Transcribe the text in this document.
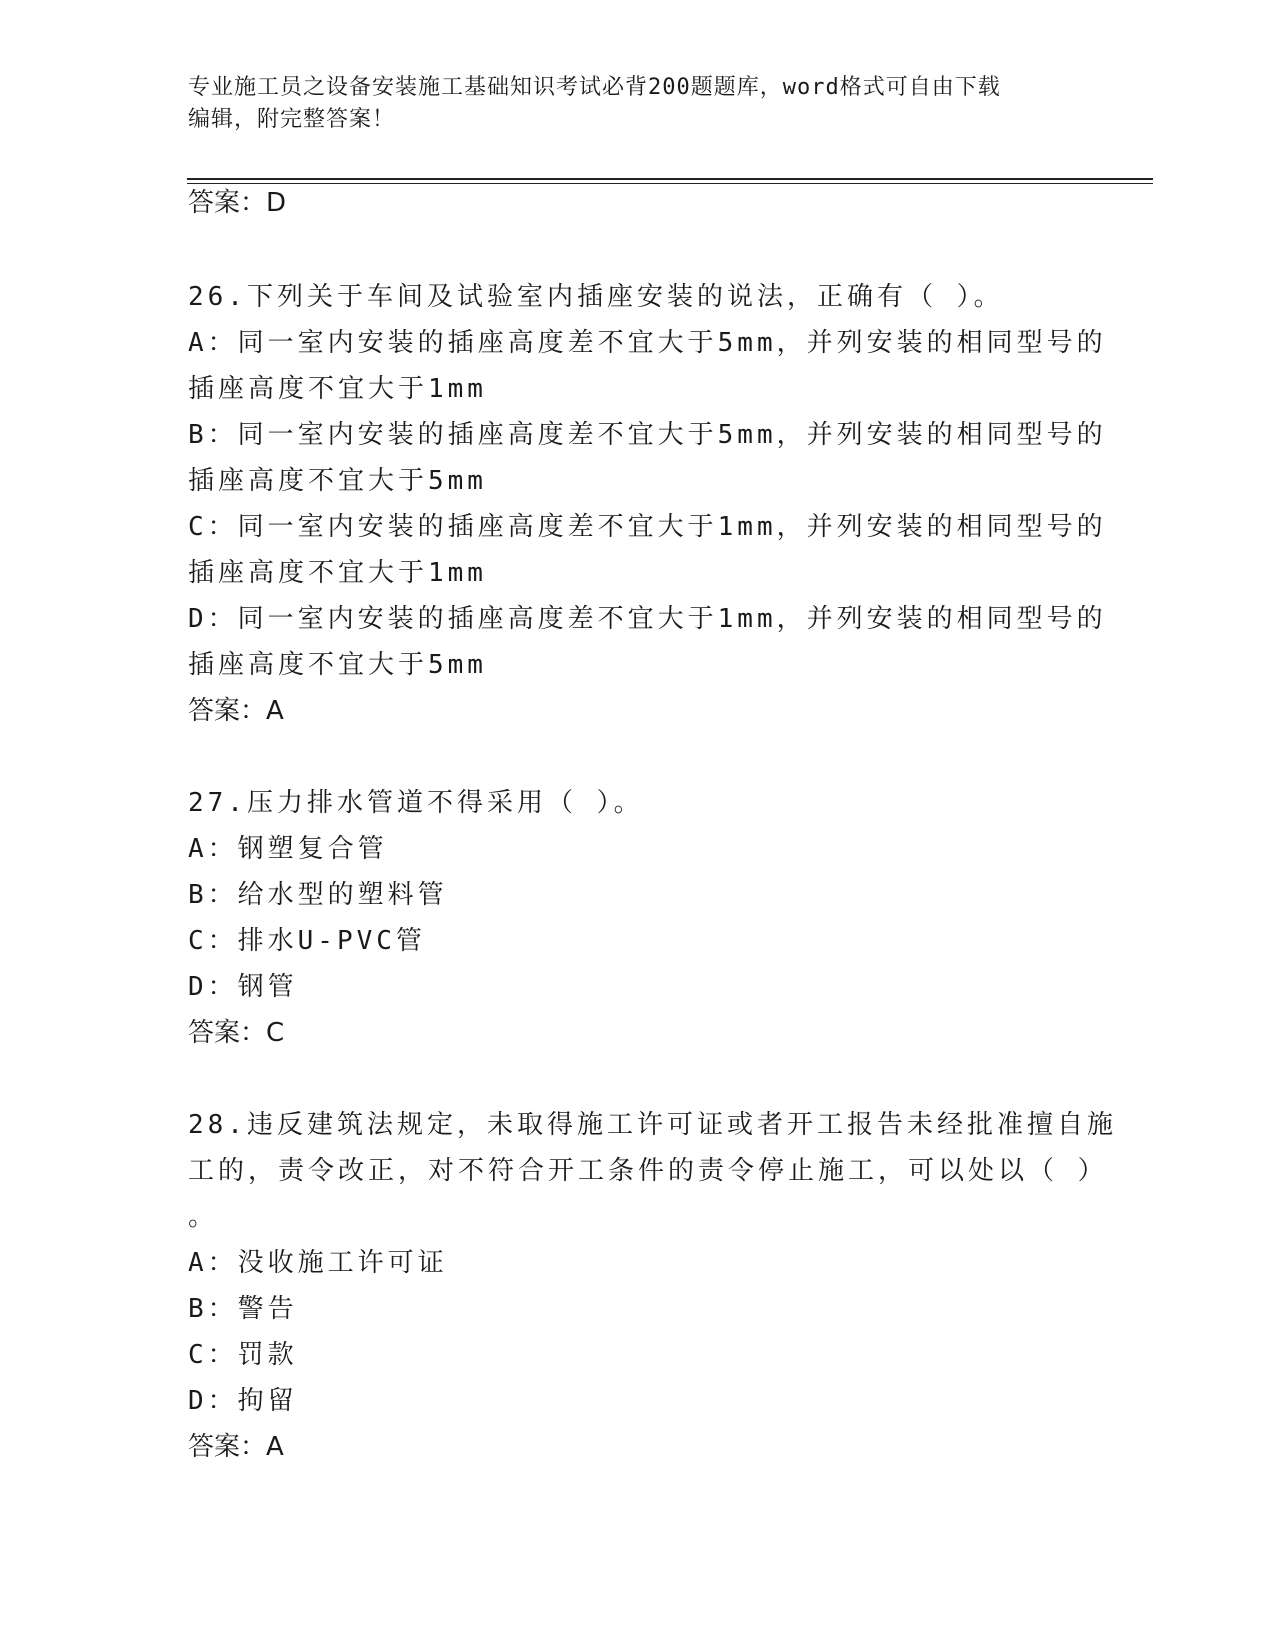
专业施工员之设备安装施工基础知识考试必背200题题库，word格式可自由下载
编辑，附完整答案！
答案：D
26.下列关于车间及试验室内插座安装的说法，正确有（ ）。
A：同一室内安装的插座高度差不宜大于5mm，并列安装的相同型号的
插座高度不宜大于1mm
B：同一室内安装的插座高度差不宜大于5mm，并列安装的相同型号的
插座高度不宜大于5mm
C：同一室内安装的插座高度差不宜大于1mm，并列安装的相同型号的
插座高度不宜大于1mm
D：同一室内安装的插座高度差不宜大于1mm，并列安装的相同型号的
插座高度不宜大于5mm
答案：A
27.压力排水管道不得采用（ ）。
A：钢塑复合管
B：给水型的塑料管
C：排水U-PVC管
D：钢管
答案：C
28.违反建筑法规定，未取得施工许可证或者开工报告未经批准擅自施
工的，责令改正，对不符合开工条件的责令停止施工，可以处以（ ）
。
A：没收施工许可证
B：警告
C：罚款
D：拘留
答案：A
